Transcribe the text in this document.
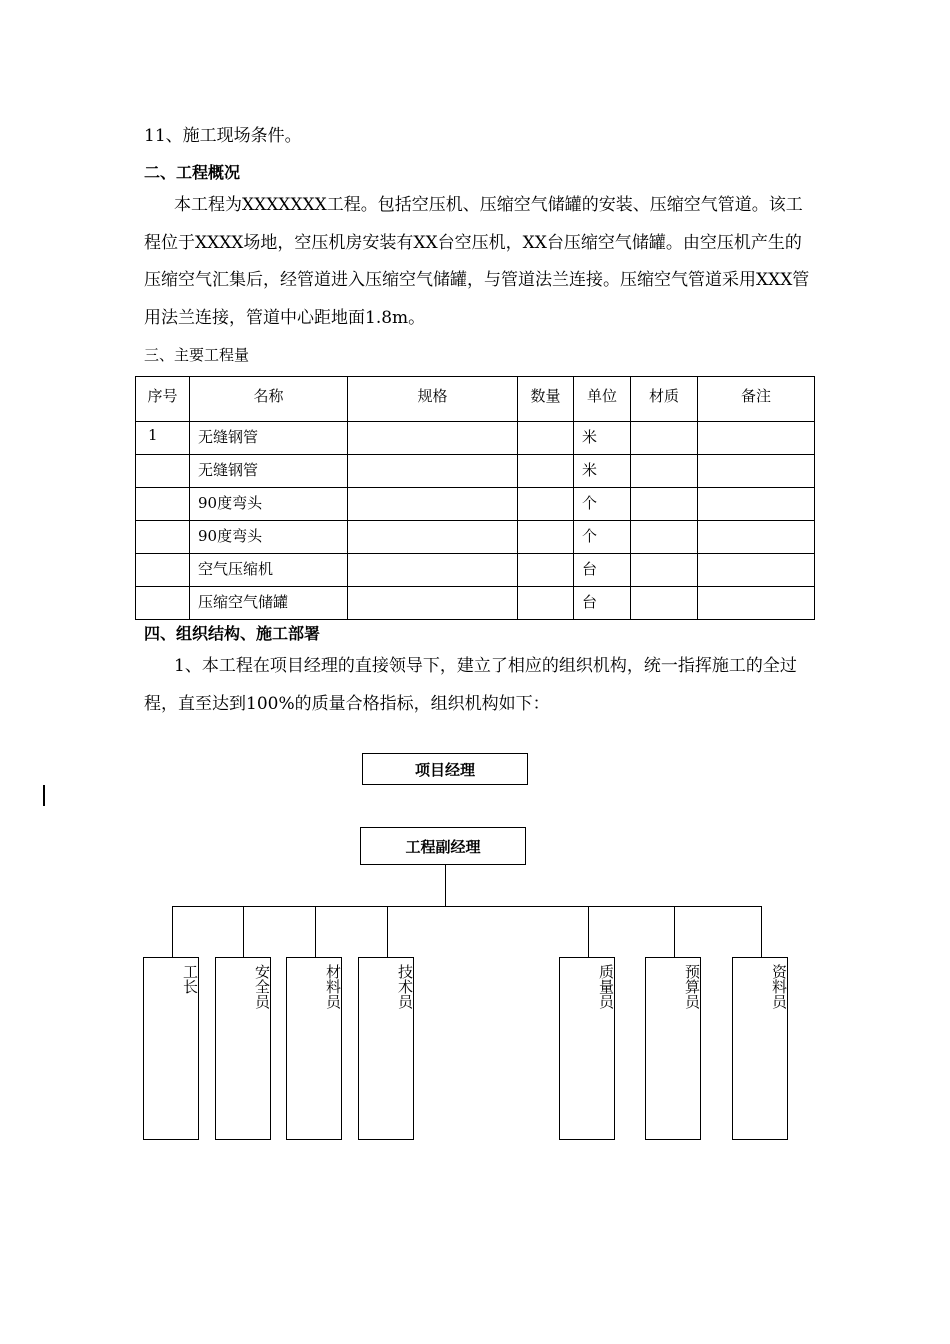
11、施工现场条件。
二、工程概况
本工程为XXXXXXX工程。包括空压机、压缩空气储罐的安装、压缩空气管道。该工程位于XXXX场地，空压机房安装有XX台空压机，XX台压缩空气储罐。由空压机产生的压缩空气汇集后，经管道进入压缩空气储罐，与管道法兰连接。压缩空气管道采用XXX管用法兰连接，管道中心距地面1.8m。
三、主要工程量
序号	名称	规格	数量	单位	材质	备注
1	无缝钢管			米		
	无缝钢管			米		
	90度弯头			个		
	90度弯头			个		
	空气压缩机			台		
	压缩空气储罐			台		
四、组织结构、施工部署
1、本工程在项目经理的直接领导下，建立了相应的组织机构，统一指挥施工的全过程，直至达到100%的质量合格指标，组织机构如下：
项目经理
工程副经理
工长	安全员	材料员	技术员	质量员	预算员	资料员
